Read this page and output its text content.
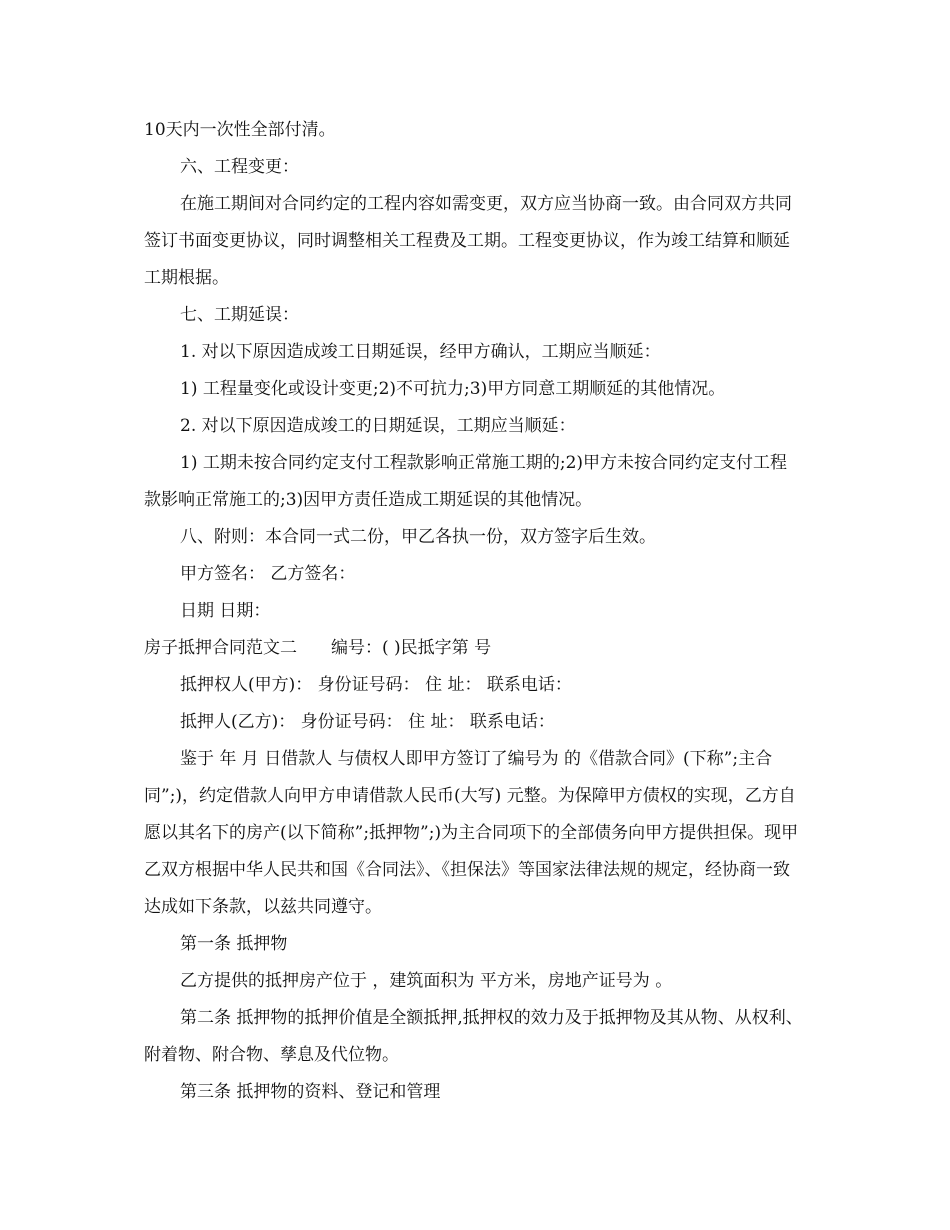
10天内一次性全部付清。

六、工程变更：

在施工期间对合同约定的工程内容如需变更，双方应当协商一致。由合同双方共同签订书面变更协议，同时调整相关工程费及工期。工程变更协议，作为竣工结算和顺延工期根据。

七、工期延误：

1. 对以下原因造成竣工日期延误，经甲方确认，工期应当顺延：

1) 工程量变化或设计变更;2)不可抗力;3)甲方同意工期顺延的其他情况。

2. 对以下原因造成竣工的日期延误，工期应当顺延：

1) 工期未按合同约定支付工程款影响正常施工期的;2)甲方未按合同约定支付工程款影响正常施工的;3)因甲方责任造成工期延误的其他情况。

八、附则：本合同一式二份，甲乙各执一份，双方签字后生效。

甲方签名： 乙方签名：

日期 日期：

房子抵押合同范文二　　编号：( )民抵字第 号

抵押权人(甲方)： 身份证号码： 住 址： 联系电话：

抵押人(乙方)： 身份证号码： 住 址： 联系电话：

鉴于 年 月 日借款人 与债权人即甲方签订了编号为 的《借款合同》(下称”;主合同”;)，约定借款人向甲方申请借款人民币(大写) 元整。为保障甲方债权的实现，乙方自愿以其名下的房产(以下简称”;抵押物”;)为主合同项下的全部债务向甲方提供担保。现甲乙双方根据中华人民共和国《合同法》、《担保法》等国家法律法规的规定，经协商一致达成如下条款，以兹共同遵守。

第一条 抵押物

乙方提供的抵押房产位于 ，建筑面积为 平方米，房地产证号为 。

第二条 抵押物的抵押价值是全额抵押,抵押权的效力及于抵押物及其从物、从权利、附着物、附合物、孳息及代位物。

第三条 抵押物的资料、登记和管理
